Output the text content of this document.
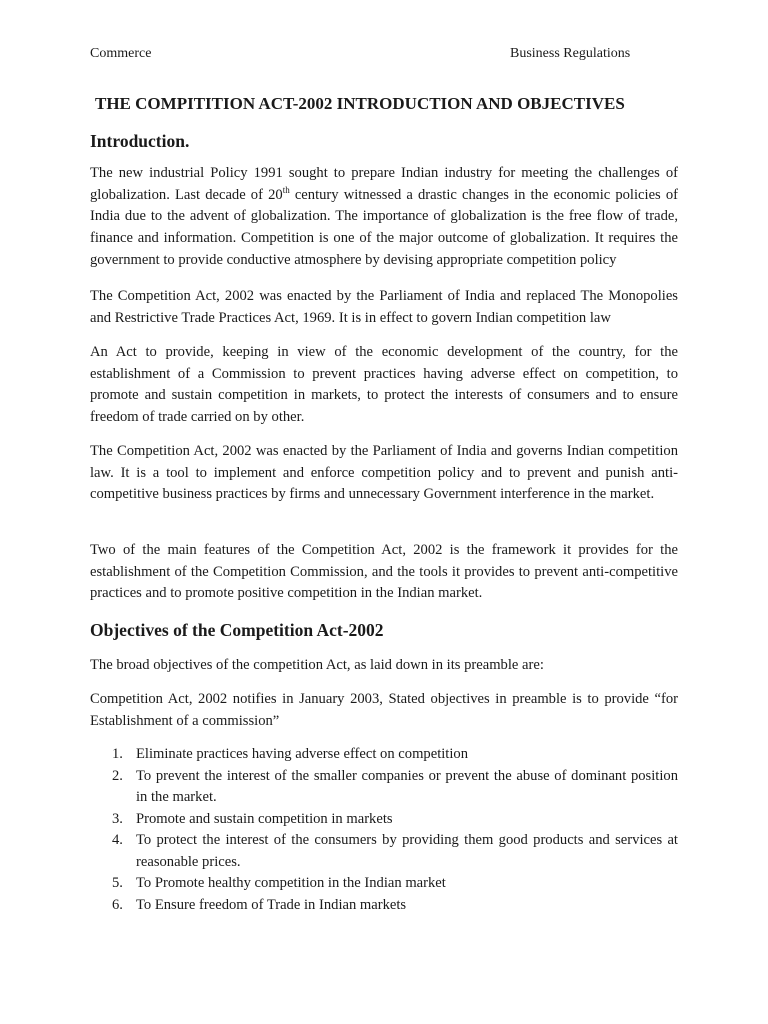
Commerce	Business Regulations
THE COMPITITION ACT-2002 INTRODUCTION AND OBJECTIVES
Introduction.

The new industrial Policy 1991 sought to prepare Indian industry for meeting the challenges of globalization. Last decade of 20th century witnessed a drastic changes in the economic policies of India due to the advent of globalization. The importance of globalization is the free flow of trade, finance and information. Competition is one of the major outcome of globalization. It requires the government to provide conductive atmosphere by devising appropriate competition policy

The Competition Act, 2002 was enacted by the Parliament of India and replaced The Monopolies and Restrictive Trade Practices Act, 1969. It is in effect to govern Indian competition law

An Act to provide, keeping in view of the economic development of the country, for the establishment of a Commission to prevent practices having adverse effect on competition, to promote and sustain competition in markets, to protect the interests of consumers and to ensure freedom of trade carried on by other.

The Competition Act, 2002 was enacted by the Parliament of India and governs Indian competition law. It is a tool to implement and enforce competition policy and to prevent and punish anti-competitive business practices by firms and unnecessary Government interference in the market.

Two of the main features of the Competition Act, 2002 is the framework it provides for the establishment of the Competition Commission, and the tools it provides to prevent anti-competitive practices and to promote positive competition in the Indian market.

Objectives of the Competition Act-2002

The broad objectives of the competition Act, as laid down in its preamble are:

Competition Act, 2002 notifies in January 2003, Stated objectives in preamble is to provide “for Establishment of a commission”

1. Eliminate practices having adverse effect on competition
2. To prevent the interest of the smaller companies or prevent the abuse of dominant position in the market.
3. Promote and sustain competition in markets
4. To protect the interest of the consumers by providing them good products and services at reasonable prices.
5. To Promote healthy competition in the Indian market
6. To Ensure freedom of Trade in Indian markets
